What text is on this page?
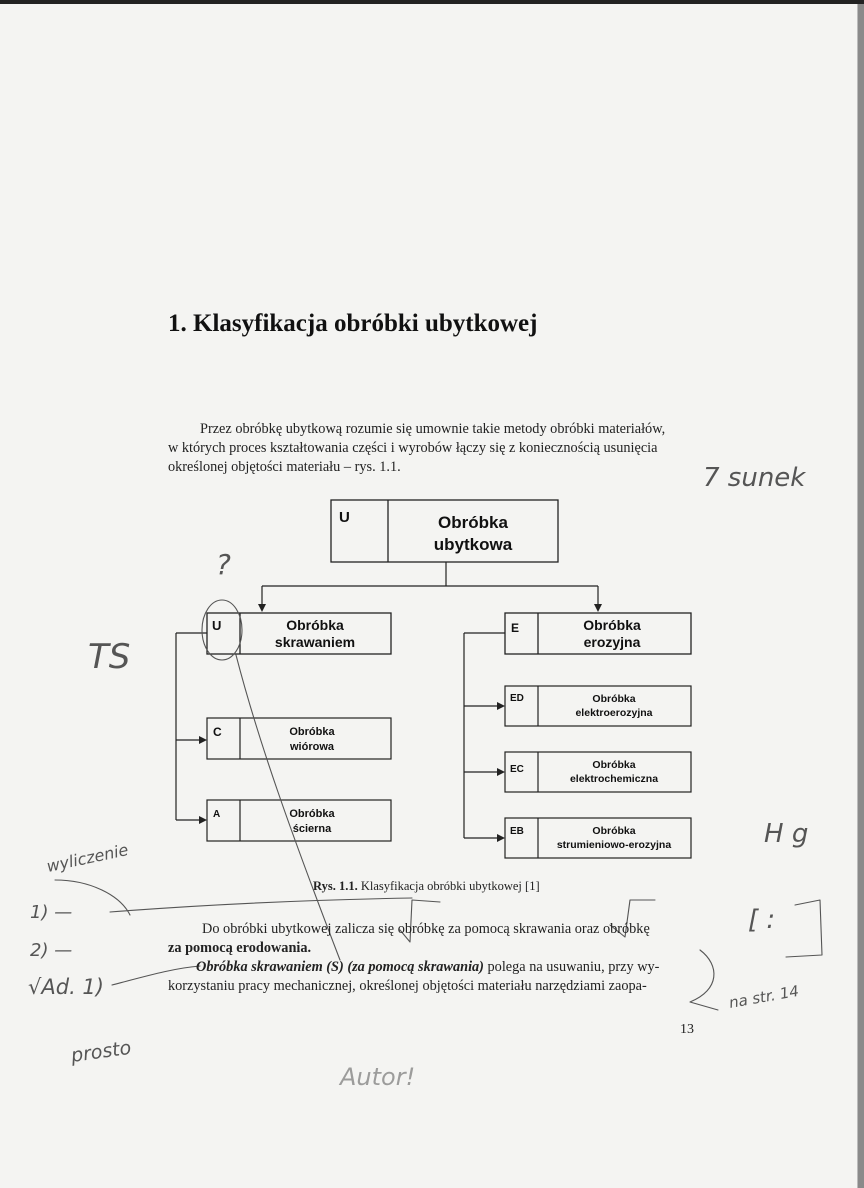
1. Klasyfikacja obróbki ubytkowej

Przez obróbkę ubytkową rozumie się umownie takie metody obróbki materiałów,
w których proces kształtowania części i wyrobów łączy się z koniecznością usunięcia
określonej objętości materiału – rys. 1.1.

U	Obróbka
ubytkowa
U	Obróbka
skrawaniem
C	Obróbka
wiórowa
A	Obróbka
ścierna
E	Obróbka
erozyjna
ED	Obróbka
elektroerozyjna
EC	Obróbka
elektrochemiczna
EB	Obróbka
strumieniowo-erozyjna
7 sunek
?
TS
wyliczenie
1) —
2) —
√Ad. 1)
prosto
H g
[ :
na str. 14
Autor!
Rys. 1.1. Klasyfikacja obróbki ubytkowej [1]
Do obróbki ubytkowej zalicza się obróbkę za pomocą skrawania oraz obróbkę
za pomocą erodowania.
Obróbka skrawaniem (S) (za pomocą skrawania) polega na usuwaniu, przy wy-
korzystaniu pracy mechanicznej, określonej objętości materiału narzędziami zaopa-
13
